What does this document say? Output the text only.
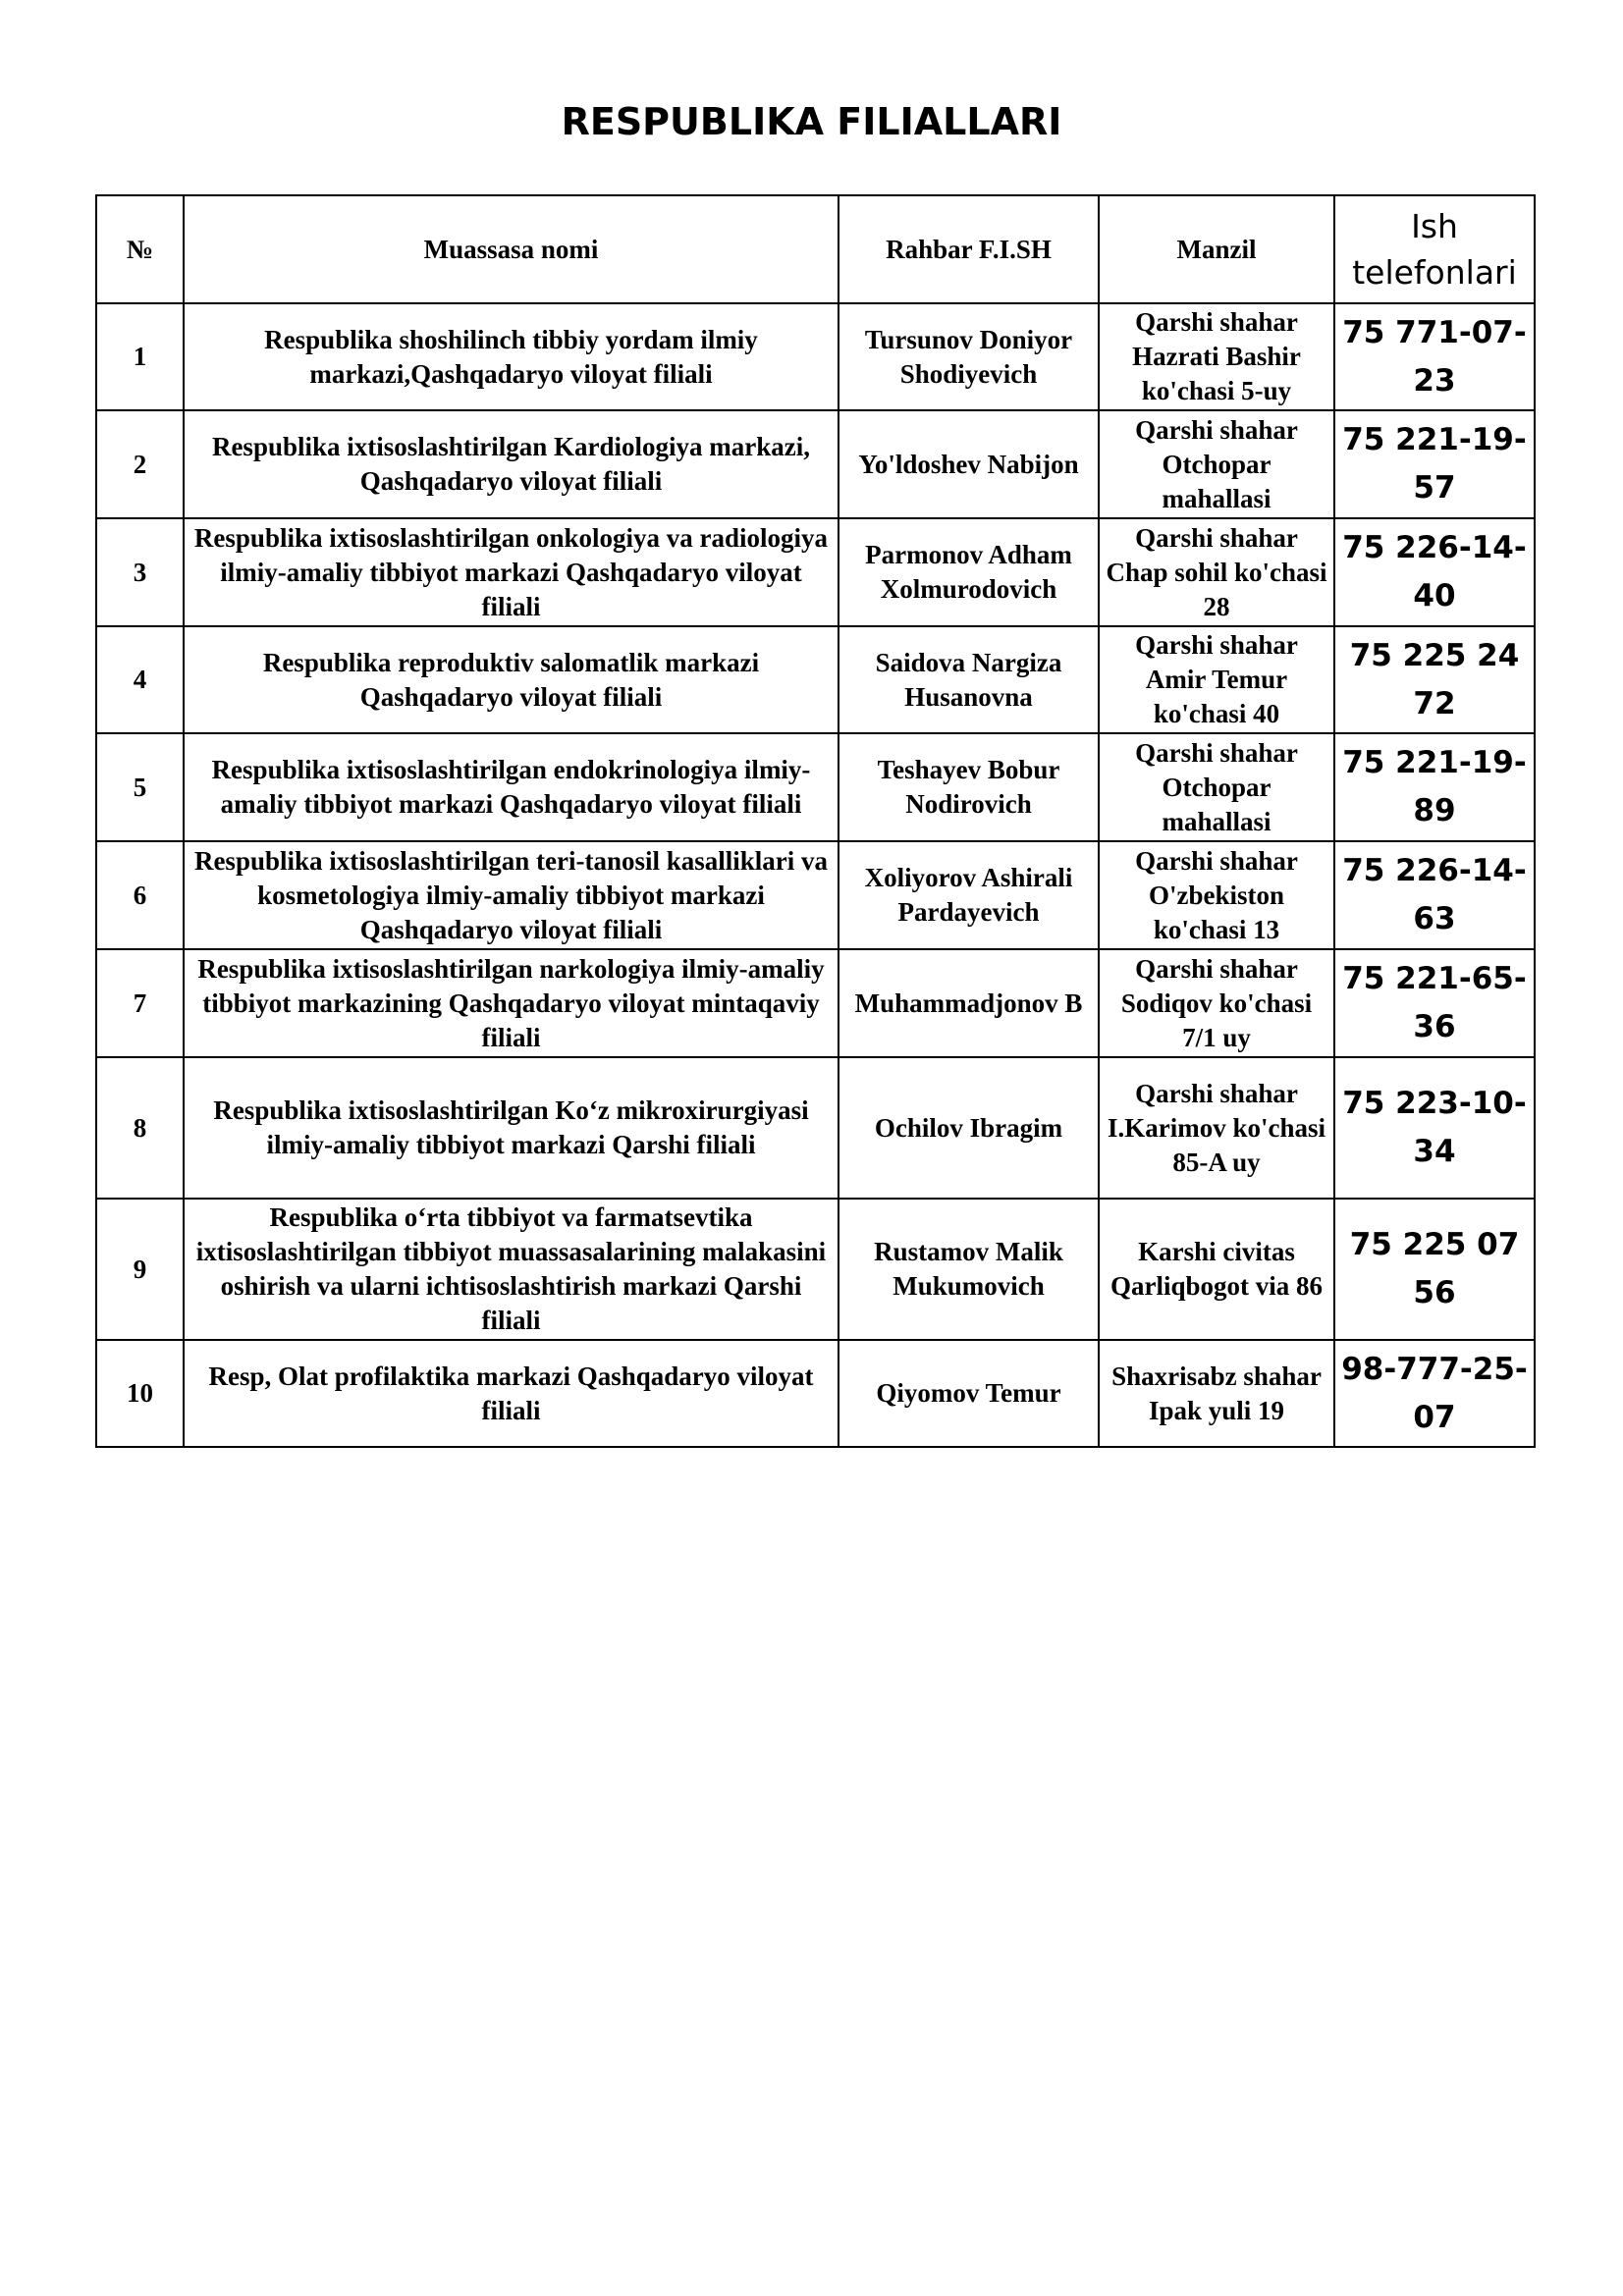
RESPUBLIKA FILIALLARI
№	Muassasa nomi	Rahbar F.I.SH	Manzil	Ish telefonlari
1	Respublika shoshilinch tibbiy yordam ilmiy markazi,Qashqadaryo viloyat filiali	Tursunov Doniyor Shodiyevich	Qarshi shahar Hazrati Bashir ko'chasi 5-uy	75 771-07-23
2	Respublika ixtisoslashtirilgan Kardiologiya markazi, Qashqadaryo viloyat filiali	Yo'ldoshev Nabijon	Qarshi shahar Otchopar mahallasi	75 221-19-57
3	Respublika ixtisoslashtirilgan onkologiya va radiologiya ilmiy-amaliy tibbiyot markazi Qashqadaryo viloyat filiali	Parmonov Adham Xolmurodovich	Qarshi shahar Chap sohil ko'chasi 28	75 226-14-40
4	Respublika reproduktiv salomatlik markazi Qashqadaryo viloyat filiali	Saidova Nargiza Husanovna	Qarshi shahar Amir Temur ko'chasi 40	75 225 24 72
5	Respublika ixtisoslashtirilgan endokrinologiya ilmiy-amaliy tibbiyot markazi Qashqadaryo viloyat filiali	Teshayev Bobur Nodirovich	Qarshi shahar Otchopar mahallasi	75 221-19-89
6	Respublika ixtisoslashtirilgan teri-tanosil kasalliklari va kosmetologiya ilmiy-amaliy tibbiyot markazi Qashqadaryo viloyat filiali	Xoliyorov Ashirali Pardayevich	Qarshi shahar O'zbekiston ko'chasi 13	75 226-14-63
7	Respublika ixtisoslashtirilgan narkologiya ilmiy-amaliy tibbiyot markazining Qashqadaryo viloyat mintaqaviy filiali	Muhammadjonov B	Qarshi shahar Sodiqov ko'chasi 7/1 uy	75 221-65-36
8	Respublika ixtisoslashtirilgan Ko‘z mikroxirurgiyasi ilmiy-amaliy tibbiyot markazi Qarshi filiali	Ochilov Ibragim	Qarshi shahar I.Karimov ko'chasi 85-A uy	75 223-10-34
9	Respublika o‘rta tibbiyot va farmatsevtika ixtisoslashtirilgan tibbiyot muassasalarining malakasini oshirish va ularni ichtisoslashtirish markazi Qarshi filiali	Rustamov Malik Mukumovich	Karshi civitas Qarliqbogot via 86	75 225 07 56
10	Resp, Olat profilaktika markazi Qashqadaryo viloyat filiali	Qiyomov Temur	Shaxrisabz shahar Ipak yuli 19	98-777-25-07
